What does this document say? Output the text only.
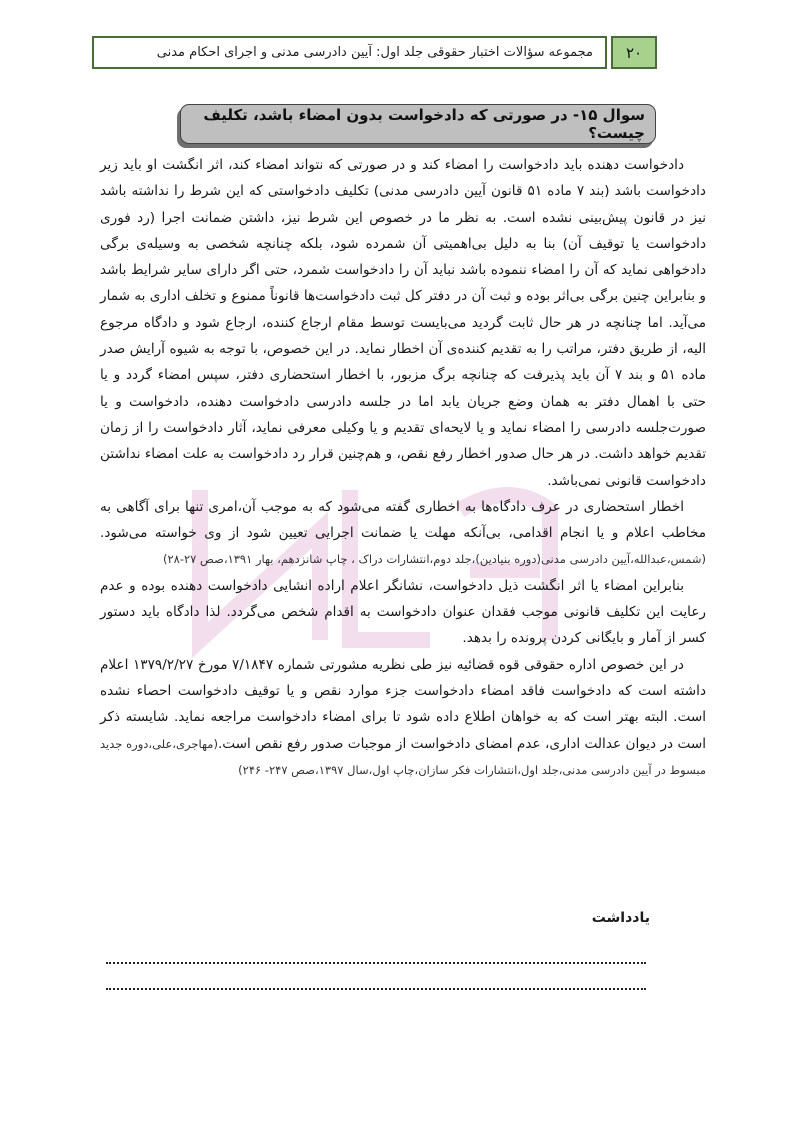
۲۰
مجموعه سؤالات اختبار حقوقی جلد اول: آیین دادرسی مدنی و اجرای احکام مدنی
سوال ۱۵- در صورتی که دادخواست بدون امضاء باشد، تکلیف چیست؟

دادخواست دهنده باید دادخواست را امضاء کند و در صورتی که نتواند امضاء کند، اثر انگشت او باید زیر دادخواست باشد (بند ۷ ماده ۵۱ قانون آیین دادرسی مدنی) تکلیف دادخواستی که این شرط را نداشته باشد نیز در قانون پیش‌بینی نشده است. به نظر ما در خصوص این شرط نیز، داشتن ضمانت اجرا (رد فوری دادخواست یا توقیف آن) بنا به دلیل بی‌اهمیتی آن شمرده شود، بلکه چنانچه شخصی به وسیله‌ی برگی دادخواهی نماید که آن را امضاء ننموده باشد نباید آن را دادخواست شمرد، حتی اگر دارای سایر شرایط باشد و بنابراین چنین برگی بی‌اثر بوده و ثبت آن در دفتر کل ثبت دادخواست‌ها قانوناً ممنوع و تخلف اداری به شمار می‌آید. اما چنانچه در هر حال ثابت گردید می‌بایست توسط مقام ارجاع کننده، ارجاع شود و دادگاه مرجوع الیه، از طریق دفتر، مراتب را به تقدیم کننده‌ی آن اخطار نماید. در این خصوص، با توجه به شیوه آرایش صدر ماده ۵۱ و بند ۷ آن باید پذیرفت که چنانچه برگ مزبور، با اخطار استحضاری دفتر، سپس امضاء گردد و یا حتی با اهمال دفتر به همان وضع جریان یابد اما در جلسه دادرسی دادخواست دهنده، دادخواست و یا صورت‌جلسه دادرسی را امضاء نماید و یا لایحه‌ای تقدیم و یا وکیلی معرفی نماید، آثار دادخواست را از زمان تقدیم خواهد داشت. در هر حال صدور اخطار رفع نقص، و هم‌چنین قرار رد دادخواست به علت امضاء نداشتن دادخواست قانونی نمی‌باشد.

اخطار استحضاری در عرف دادگاه‌ها به اخطاری گفته می‌شود که به موجب آن،امری تنها برای آگاهی به مخاطب اعلام و یا انجام اقدامی، بی‌آنکه مهلت یا ضمانت اجرایی تعیین شود از وی خواسته می‌شود.(شمس،عبدالله،آیین دادرسی مدنی(دوره بنیادین)،جلد دوم،انتشارات دراک ، چاپ شانزدهم، بهار ۱۳۹۱،صص ۲۷-۲۸)

بنابراین امضاء یا اثر انگشت ذیل دادخواست، نشانگر اعلام اراده انشایی دادخواست دهنده بوده و عدم رعایت این تکلیف قانونی موجب فقدان عنوان دادخواست به اقدام شخص می‌گردد. لذا دادگاه باید دستور کسر از آمار و بایگانی کردن پرونده را بدهد.

در این خصوص اداره حقوقی قوه قضائیه نیز طی نظریه مشورتی شماره ۷/۱۸۴۷ مورخ ۱۳۷۹/۲/۲۷ اعلام داشته است که دادخواست فاقد امضاء دادخواست جزء موارد نقص و یا توقیف دادخواست احصاء نشده است. البته بهتر است که به خواهان اطلاع داده شود تا برای امضاء دادخواست مراجعه نماید. شایسته ذکر است در دیوان عدالت اداری، عدم امضای دادخواست از موجبات صدور رفع نقص است.(مهاجری،علی،دوره جدید مبسوط در آیین دادرسی مدنی،جلد اول،انتشارات فکر سازان،چاپ اول،سال ۱۳۹۷،صص ۲۴۷- ۲۴۶)

یادداشت
